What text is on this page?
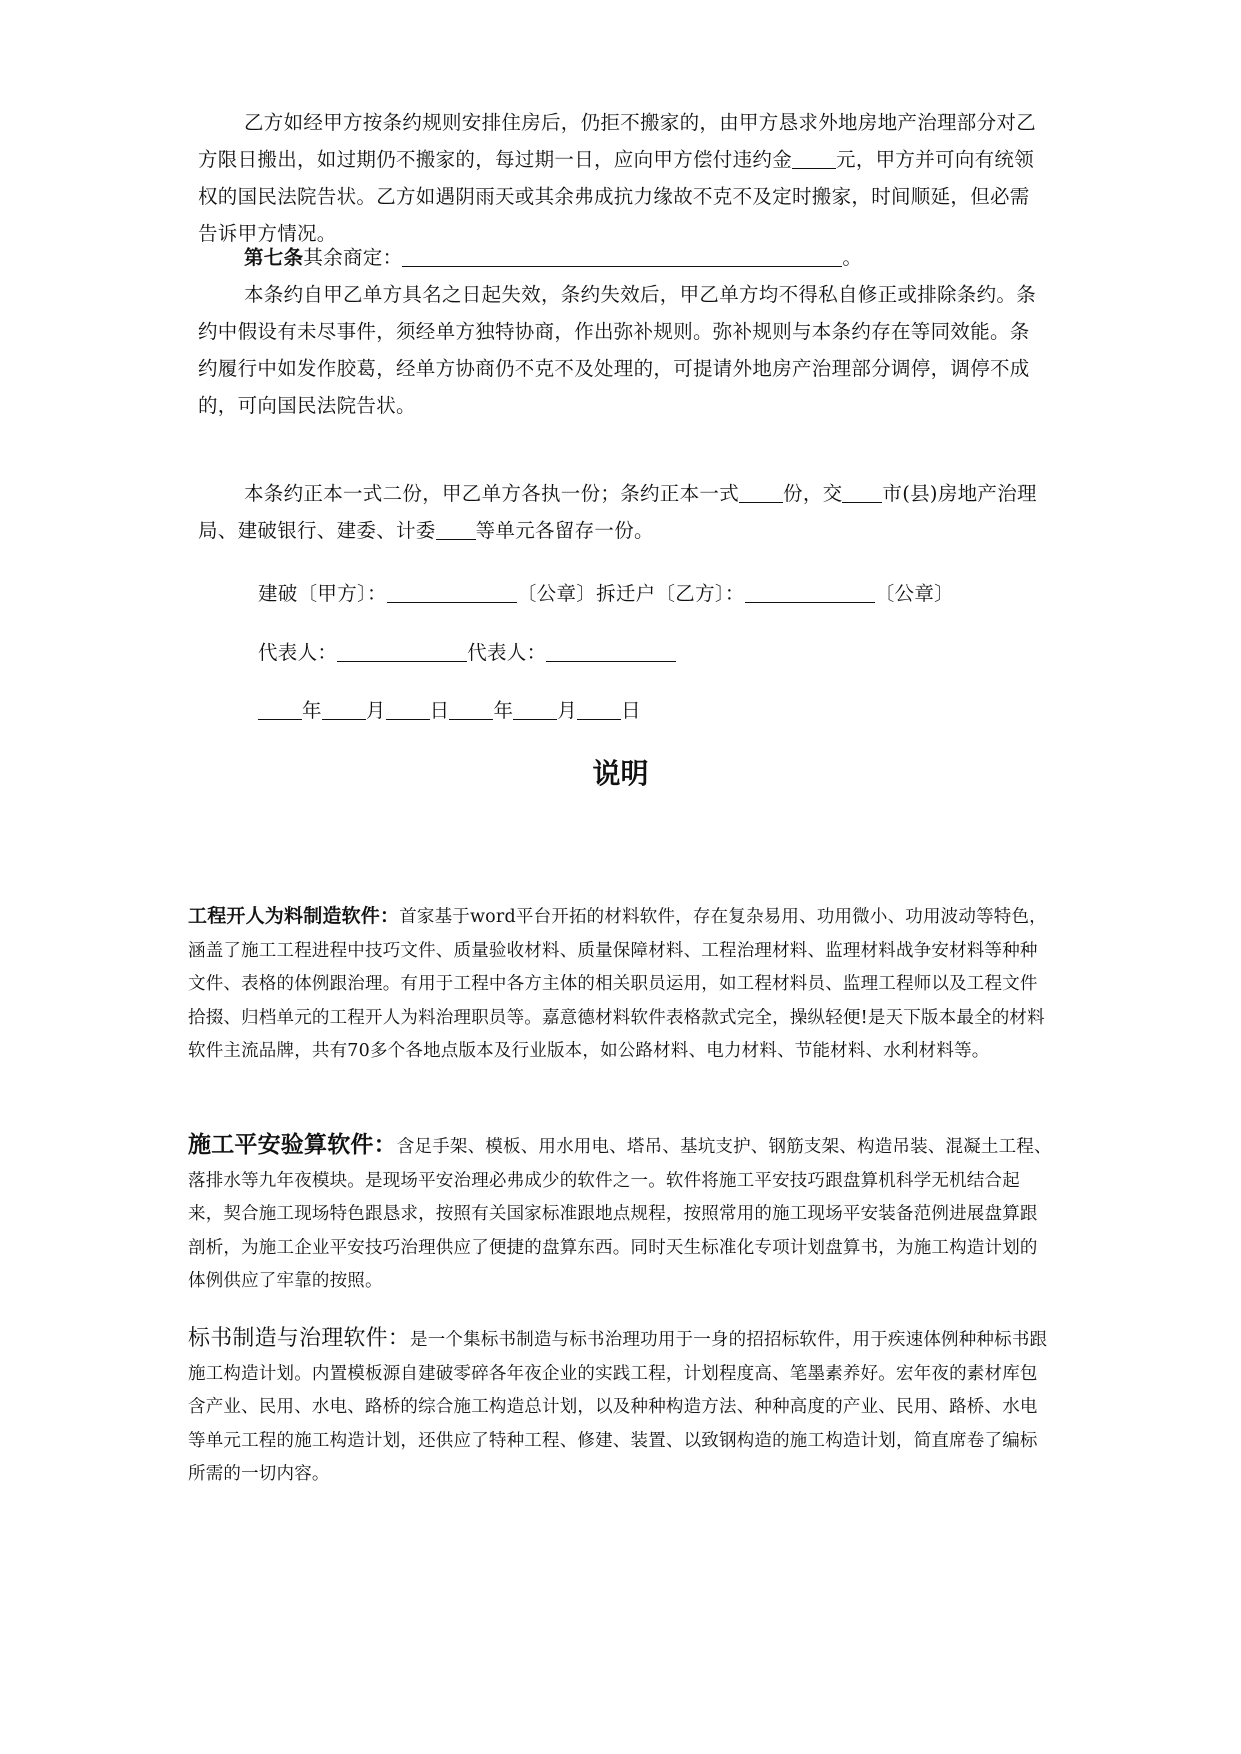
乙方如经甲方按条约规则安排住房后，仍拒不搬家的，由甲方恳求外地房地产治理部分对乙方限日搬出，如过期仍不搬家的，每过期一日，应向甲方偿付违约金 元，甲方并可向有统领权的国民法院告状。乙方如遇阴雨天或其余弗成抗力缘故不克不及定时搬家，时间顺延，但必需告诉甲方情况。

第七条其余商定：	。

本条约自甲乙单方具名之日起失效，条约失效后，甲乙单方均不得私自修正或排除条约。条约中假设有未尽事件，须经单方独特协商，作出弥补规则。弥补规则与本条约存在等同效能。条约履行中如发作胶葛，经单方协商仍不克不及处理的，可提请外地房产治理部分调停，调停不成的，可向国民法院告状。

本条约正本一式二份，甲乙单方各执一份；条约正本一式 份，交 市(县)房地产治理局、建破银行、建委、计委 等单元各留存一份。

建破〔甲方〕：	〔公章〕拆迁户〔乙方〕：	〔公章〕
代表人：	代表人：
年 月 日 年 月 日
说明

工程开人为料制造软件：首家基于word平台开拓的材料软件，存在复杂易用、功用微小、功用波动等特色，涵盖了施工工程进程中技巧文件、质量验收材料、质量保障材料、工程治理材料、监理材料战争安材料等种种文件、表格的体例跟治理。有用于工程中各方主体的相关职员运用，如工程材料员、监理工程师以及工程文件拾掇、归档单元的工程开人为料治理职员等。嘉意德材料软件表格款式完全，操纵轻便!是天下版本最全的材料软件主流品牌，共有70多个各地点版本及行业版本，如公路材料、电力材料、节能材料、水利材料等。

施工平安验算软件：含足手架、模板、用水用电、塔吊、基坑支护、钢筋支架、构造吊装、混凝土工程、落排水等九年夜模块。是现场平安治理必弗成少的软件之一。软件将施工平安技巧跟盘算机科学无机结合起来，契合施工现场特色跟恳求，按照有关国家标准跟地点规程，按照常用的施工现场平安装备范例进展盘算跟剖析，为施工企业平安技巧治理供应了便捷的盘算东西。同时天生标准化专项计划盘算书，为施工构造计划的体例供应了牢靠的按照。

标书制造与治理软件：是一个集标书制造与标书治理功用于一身的招招标软件，用于疾速体例种种标书跟施工构造计划。内置模板源自建破零碎各年夜企业的实践工程，计划程度高、笔墨素养好。宏年夜的素材库包含产业、民用、水电、路桥的综合施工构造总计划，以及种种构造方法、种种高度的产业、民用、路桥、水电等单元工程的施工构造计划，还供应了特种工程、修建、装置、以致钢构造的施工构造计划，简直席卷了编标所需的一切内容。
